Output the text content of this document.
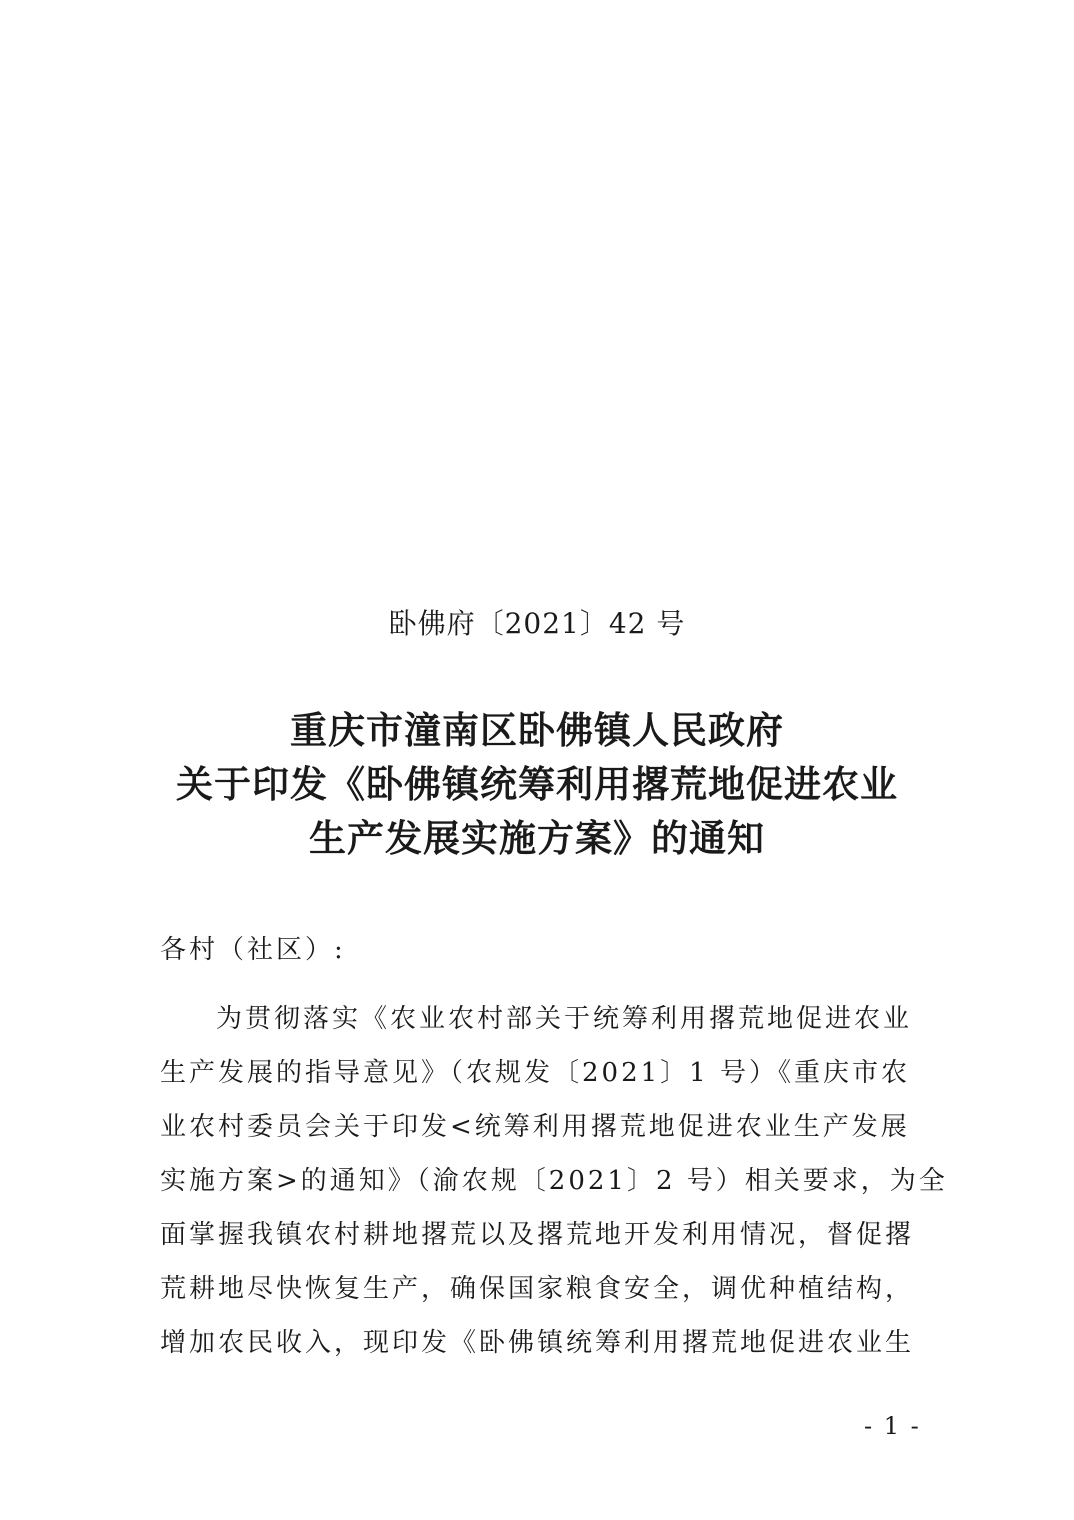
卧佛府〔2021〕42 号
重庆市潼南区卧佛镇人民政府
关于印发《卧佛镇统筹利用撂荒地促进农业
生产发展实施方案》的通知
各村（社区）:
为贯彻落实《农业农村部关于统筹利用撂荒地促进农业
生产发展的指导意见》（农规发〔2021〕1 号）《重庆市农
业农村委员会关于印发<统筹利用撂荒地促进农业生产发展
实施方案>的通知》（渝农规〔2021〕2 号）相关要求，为全
面掌握我镇农村耕地撂荒以及撂荒地开发利用情况，督促撂
荒耕地尽快恢复生产，确保国家粮食安全，调优种植结构，
增加农民收入，现印发《卧佛镇统筹利用撂荒地促进农业生
- 1 -
